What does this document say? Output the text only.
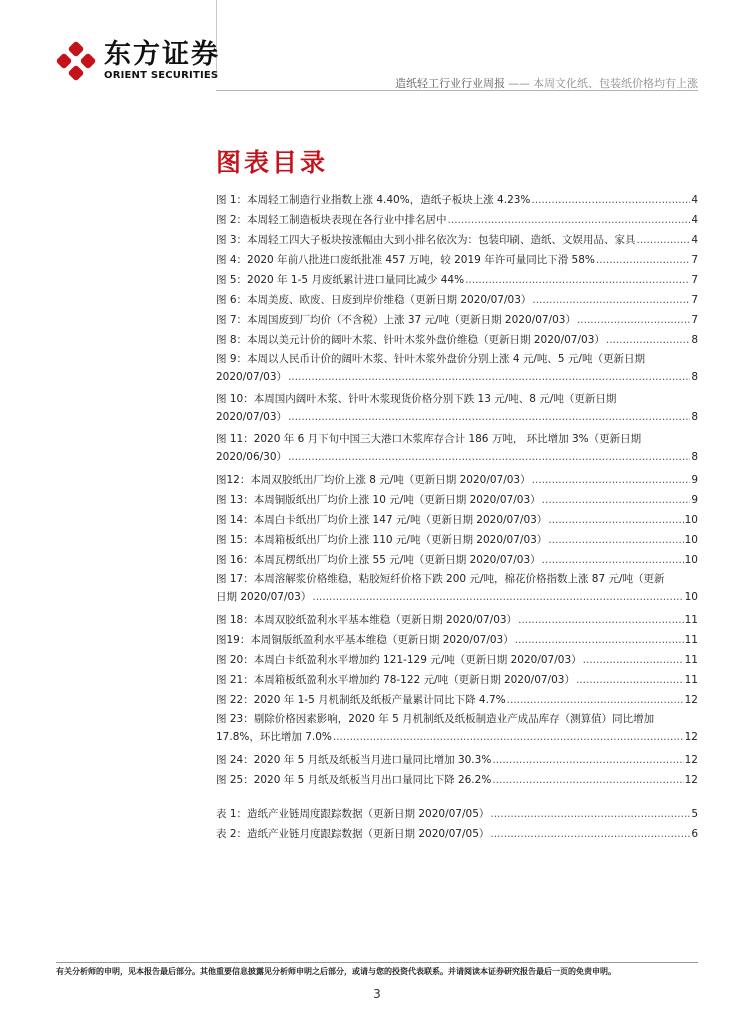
东方证券
ORIENT SECURITIES
造纸轻工行业行业周报 —— 本周文化纸、包装纸价格均有上涨
图表目录
图 1：本周轻工制造行业指数上涨 4.40%，造纸子板块上涨 4.23% .....	4
图 2：本周轻工制造板块表现在各行业中排名居中 .....	4
图 3：本周轻工四大子板块按涨幅由大到小排名依次为：包装印刷、造纸、文娱用品、家具 .....	4
图 4：2020 年前八批进口废纸批准 457 万吨，较 2019 年许可量同比下滑 58% .....	7
图 5：2020 年 1-5 月废纸累计进口量同比减少 44% .....	7
图 6：本周美废、欧废、日废到岸价维稳（更新日期 2020/07/03） .....	7
图 7：本周国废到厂均价（不含税）上涨 37 元/吨（更新日期 2020/07/03） .....	7
图 8：本周以美元计价的阔叶木浆、针叶木浆外盘价维稳（更新日期 2020/07/03） .....	8
图 9：本周以人民币计价的阔叶木浆、针叶木浆外盘价分别上涨 4 元/吨、5 元/吨（更新日期
2020/07/03） .....	8
图 10：本周国内阔叶木浆、针叶木浆现货价格分别下跌 13 元/吨、8 元/吨（更新日期
2020/07/03） .....	8
图 11：2020 年 6 月下旬中国三大港口木浆库存合计 186 万吨， 环比增加 3%（更新日期
2020/06/30） .....	8
图12：本周双胶纸出厂均价上涨 8 元/吨（更新日期 2020/07/03） .....	9
图 13：本周铜版纸出厂均价上涨 10 元/吨（更新日期 2020/07/03） .....	9
图 14：本周白卡纸出厂均价上涨 147 元/吨（更新日期 2020/07/03） .....	10
图 15：本周箱板纸出厂均价上涨 110 元/吨（更新日期 2020/07/03） .....	10
图 16：本周瓦楞纸出厂均价上涨 55 元/吨（更新日期 2020/07/03） .....	10
图 17：本周溶解浆价格维稳，粘胶短纤价格下跌 200 元/吨，棉花价格指数上涨 87 元/吨（更新
日期 2020/07/03） .....	10
图 18：本周双胶纸盈利水平基本维稳（更新日期 2020/07/03） .....	11
图19：本周铜版纸盈利水平基本维稳（更新日期 2020/07/03） .....	11
图 20：本周白卡纸盈利水平增加约 121-129 元/吨（更新日期 2020/07/03） .....	11
图 21：本周箱板纸盈利水平增加约 78-122 元/吨（更新日期 2020/07/03） .....	11
图 22：2020 年 1-5 月机制纸及纸板产量累计同比下降 4.7% .....	12
图 23：剔除价格因素影响，2020 年 5 月机制纸及纸板制造业产成品库存（测算值）同比增加
17.8%，环比增加 7.0% .....	12
图 24：2020 年 5 月纸及纸板当月进口量同比增加 30.3% .....	12
图 25：2020 年 5 月纸及纸板当月出口量同比下降 26.2% .....	12
表 1：造纸产业链周度跟踪数据（更新日期 2020/07/05） .....	5
表 2：造纸产业链月度跟踪数据（更新日期 2020/07/05） .....	6
有关分析师的申明，见本报告最后部分。其他重要信息披露见分析师申明之后部分，或请与您的投资代表联系。并请阅读本证券研究报告最后一页的免责申明。
3
